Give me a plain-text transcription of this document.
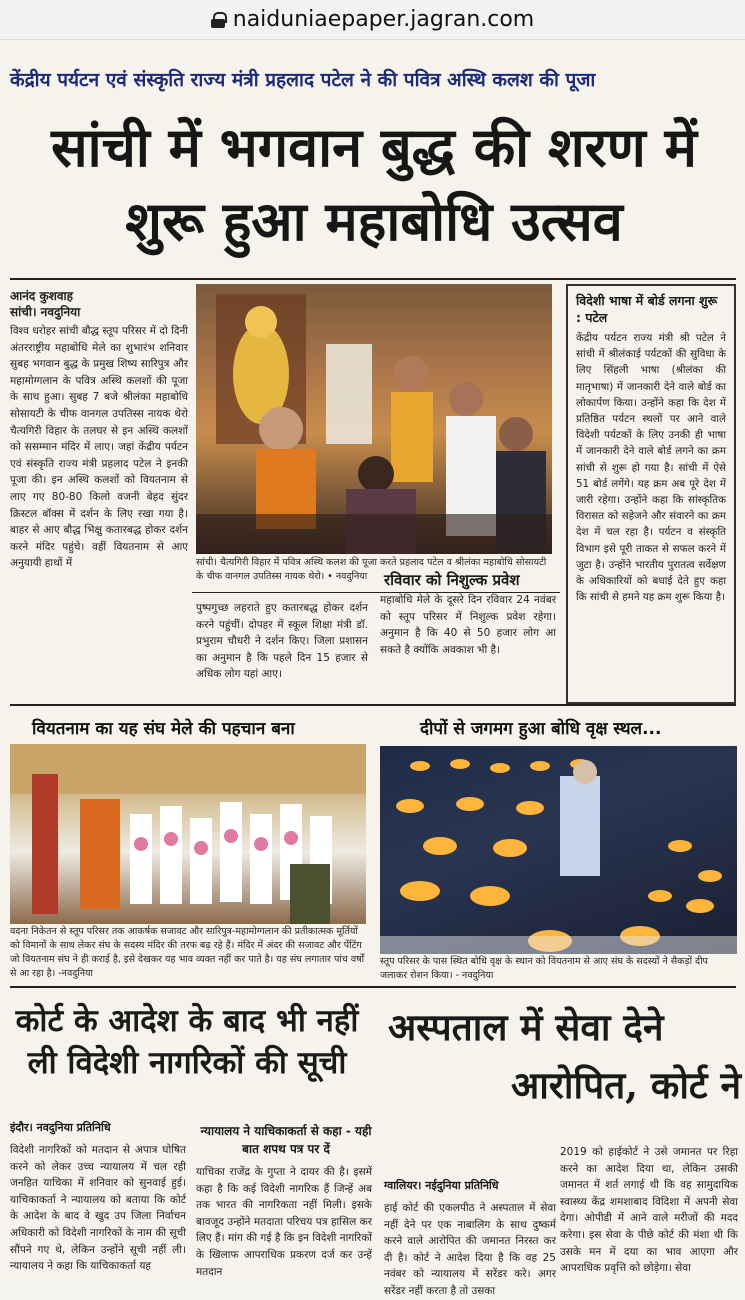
naiduniaepaper.jagran.com
केंद्रीय पर्यटन एवं संस्कृति राज्य मंत्री प्रहलाद पटेल ने की पवित्र अस्थि कलश की पूजा
सांची में भगवान बुद्ध की शरण में शुरू हुआ महाबोधि उत्सव
आनंद कुशवाह
सांची। नवदुनिया
विश्व धरोहर सांची बौद्ध स्तूप परिसर में दो दिनी अंतरराष्ट्रीय महाबोधि मेले का शुभारंभ शनिवार सुबह भगवान बुद्ध के प्रमुख शिष्य सारिपुत्र और महामोग्गलान के पवित्र अस्थि कलशों की पूजा के साथ हुआ। सुबह 7 बजे श्रीलंका महाबोधि सोसायटी के चीफ वानगल उपतिस्स नायक थेरो चैत्यगिरी विहार के तलघर से इन अस्थि कलशों को ससम्मान मंदिर में लाए। जहां केंद्रीय पर्यटन एवं संस्कृति राज्य मंत्री प्रहलाद पटेल ने इनकी पूजा की। इन अस्थि कलशों को वियतनाम से लाए गए 80-80 किलो वजनी बेहद सुंदर क्रिस्टल बॉक्स में दर्शन के लिए रखा गया है। बाहर से आए बौद्ध भिक्षु कतारबद्ध होकर दर्शन करने मंदिर पहुंचे। वहीं वियतनाम से आए अनुयायी हाथों में	सांची। चैत्यगिरी विहार में पवित्र अस्थि कलश की पूजा करते प्रहलाद पटेल व श्रीलंका महाबोधि सोसायटी के चीफ वानगल उपतिस्स नायक थेरो। • नवदुनिया
पुष्पगुच्छ लहराते हुए कतारबद्ध होकर दर्शन करने पहुंचीं। दोपहर में स्कूल शिक्षा मंत्री डॉ. प्रभुराम चौधरी ने दर्शन किए। जिला प्रशासन का अनुमान है कि पहले दिन 15 हजार से अधिक लोग यहां आए।
रविवार को निशुल्क प्रवेश
महाबोधि मेले के दूसरे दिन रविवार 24 नवंबर को स्तूप परिसर में निशुल्क प्रवेश रहेगा। अनुमान है कि 40 से 50 हजार लोग आ सकते है क्योंकि अवकाश भी है।
विदेशी भाषा में बोर्ड लगना शुरू : पटेल
केंद्रीय पर्यटन राज्य मंत्री श्री पटेल ने सांची में श्रीलंकाई पर्यटकों की सुविधा के लिए सिंहली भाषा (श्रीलंका की मातृभाषा) में जानकारी देने वाले बोर्ड का लोकार्पण किया। उन्होंने कहा कि देश में प्रतिष्ठित पर्यटन स्थलों पर आने वाले विदेशी पर्यटकों के लिए उनकी ही भाषा में जानकारी देने वाले बोर्ड लगने का क्रम सांची से शुरू हो गया है। सांची में ऐसे 51 बोर्ड लगेंगे। यह क्रम अब पूरे देश में जारी रहेगा। उन्होंने कहा कि सांस्कृतिक विरासत को सहेजने और संवारने का क्रम देश में चल रहा है। पर्यटन व संस्कृति विभाग इसे पूरी ताकत से सफल करने में जुटा है। उन्होंने भारतीय पुरातत्व सर्वेक्षण के अधिकारियों को बधाई देते हुए कहा कि सांची से हमने यह क्रम शुरू किया है।
वियतनाम का यह संघ मेले की पहचान बना	दीपों से जगमग हुआ बोधि वृक्ष स्थल...
वदना निकेतन से स्तूप परिसर तक आकर्षक सजावट और सारिपुत्र-महामोग्गलान की प्रतीकात्मक मूर्तियों को विमानों के साथ लेकर संघ के सदस्य मंदिर की तरफ बढ़ रहे हैं। मंदिर में अंदर की सजावट और पेंटिंग जो वियतनाम संघ ने ही कराई है, इसे देखकर यह भाव व्यक्त नहीं कर पाते है। यह संघ लगातार पांच वर्षों से आ रहा है। -नवदुनिया
स्तूप परिसर के पास स्थित बोधि वृक्ष के स्थान को वियतनाम से आए संघ के सदस्यों ने सैकड़ों दीप जलाकर रोशन किया। - नवदुनिया
कोर्ट के आदेश के बाद भी नहीं ली विदेशी नागरिकों की सूची
अस्पताल में सेवा देने
आरोपित, कोर्ट ने
इंदौर। नवदुनिया प्रतिनिधि	न्यायालय ने याचिकाकर्ता से कहा - यही बात शपथ पत्र पर दें
विदेशी नागरिकों को मतदान से अपात्र घोषित करने को लेकर उच्च न्यायालय में चल रही जनहित याचिका में शनिवार को सुनवाई हुई। याचिकाकर्ता ने न्यायालय को बताया कि कोर्ट के आदेश के बाद वे खुद उप जिला निर्वाचन अधिकारी को विदेशी नागरिकों के नाम की सूची सौंपने गए थे, लेकिन उन्होंने सूची नहीं ली। न्यायालय ने कहा कि याचिकाकर्ता यह
याचिका राजेंद्र के गुप्ता ने दायर की है। इसमें कहा है कि कई विदेशी नागरिक हैं जिन्हें अब तक भारत की नागरिकता नहीं मिली। इसके बावजूद उन्होंने मतदाता परिचय पत्र हासिल कर लिए हैं। मांग की गई है कि इन विदेशी नागरिकों के खिलाफ आपराधिक प्रकरण दर्ज कर उन्हें मतदान
ग्वालियर। नईदुनिया प्रतिनिधि
हाई कोर्ट की एकलपीठ ने अस्पताल में सेवा नहीं देने पर एक नाबालिग के साथ दुष्कर्म करने वाले आरोपित की जमानत निरस्त कर दी है। कोर्ट ने आदेश दिया है कि वह 25 नवंबर को न्यायालय में सरेंडर करे। अगर सरेंडर नहीं करता है तो उसका
2019 को हाईकोर्ट ने उसे जमानत पर रिहा करने का आदेश दिया था, लेकिन उसकी जमानत में शर्त लगाई थी कि वह सामुदायिक स्वास्थ्य केंद्र शमशाबाद विदिशा में अपनी सेवा देगा। ओपीडी में आने वाले मरीजों की मदद करेगा। इस सेवा के पीछे कोर्ट की मंशा थी कि उसके मन में दया का भाव आएगा और आपराधिक प्रवृत्ति को छोड़ेगा। सेवा
